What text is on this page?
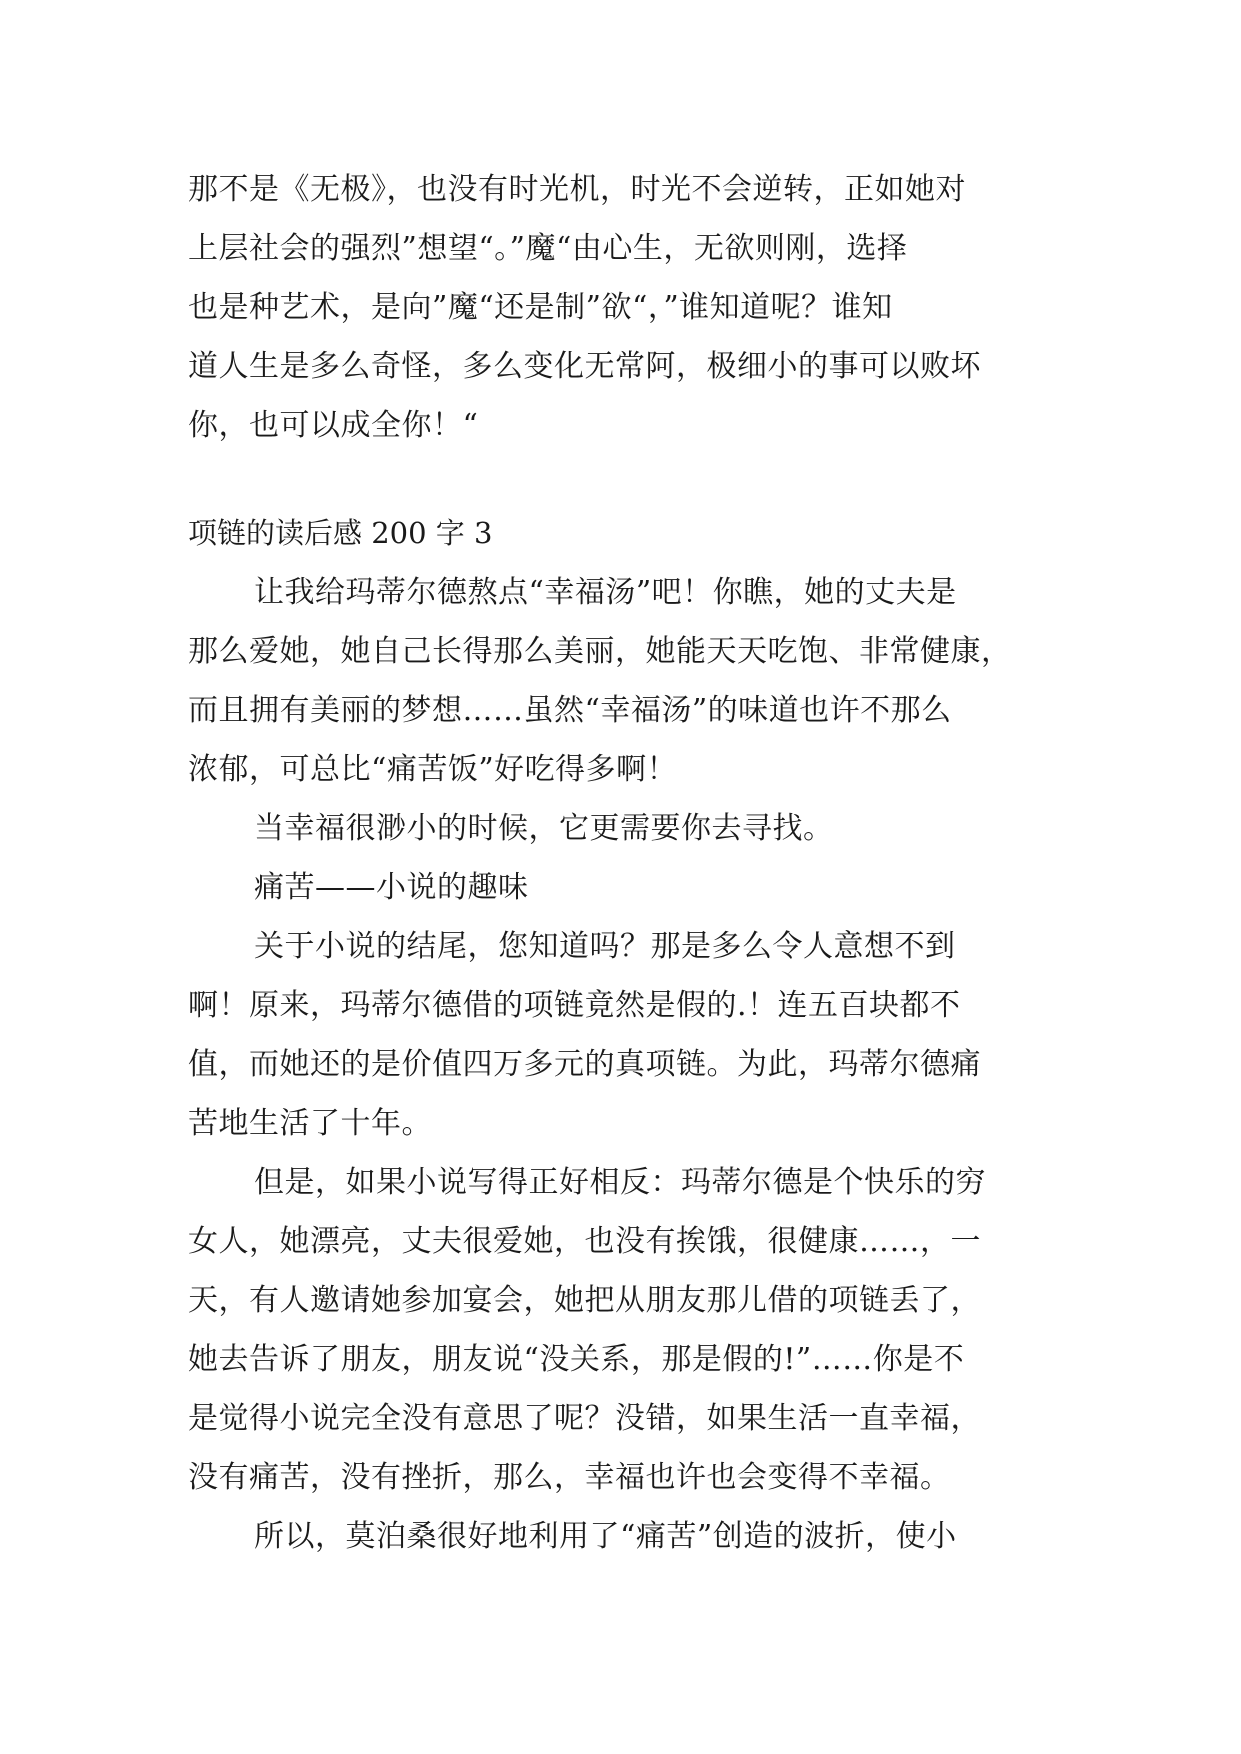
那不是《无极》，也没有时光机，时光不会逆转，正如她对
上层社会的强烈”想望“。”魔“由心生，无欲则刚，选择
也是种艺术，是向”魔“还是制”欲“，”谁知道呢？谁知
道人生是多么奇怪，多么变化无常阿，极细小的事可以败坏
你，也可以成全你！“
项链的读后感 200 字 3
让我给玛蒂尔德熬点“幸福汤”吧！你瞧，她的丈夫是
那么爱她，她自己长得那么美丽，她能天天吃饱、非常健康，
而且拥有美丽的梦想……虽然“幸福汤”的味道也许不那么
浓郁，可总比“痛苦饭”好吃得多啊！
当幸福很渺小的时候，它更需要你去寻找。
痛苦——小说的趣味
关于小说的结尾，您知道吗？那是多么令人意想不到
啊！原来，玛蒂尔德借的项链竟然是假的.！连五百块都不
值，而她还的是价值四万多元的真项链。为此，玛蒂尔德痛
苦地生活了十年。
但是，如果小说写得正好相反：玛蒂尔德是个快乐的穷
女人，她漂亮，丈夫很爱她，也没有挨饿，很健康……，一
天，有人邀请她参加宴会，她把从朋友那儿借的项链丢了，
她去告诉了朋友，朋友说“没关系，那是假的!”……你是不
是觉得小说完全没有意思了呢？没错，如果生活一直幸福，
没有痛苦，没有挫折，那么，幸福也许也会变得不幸福。
所以，莫泊桑很好地利用了“痛苦”创造的波折，使小
